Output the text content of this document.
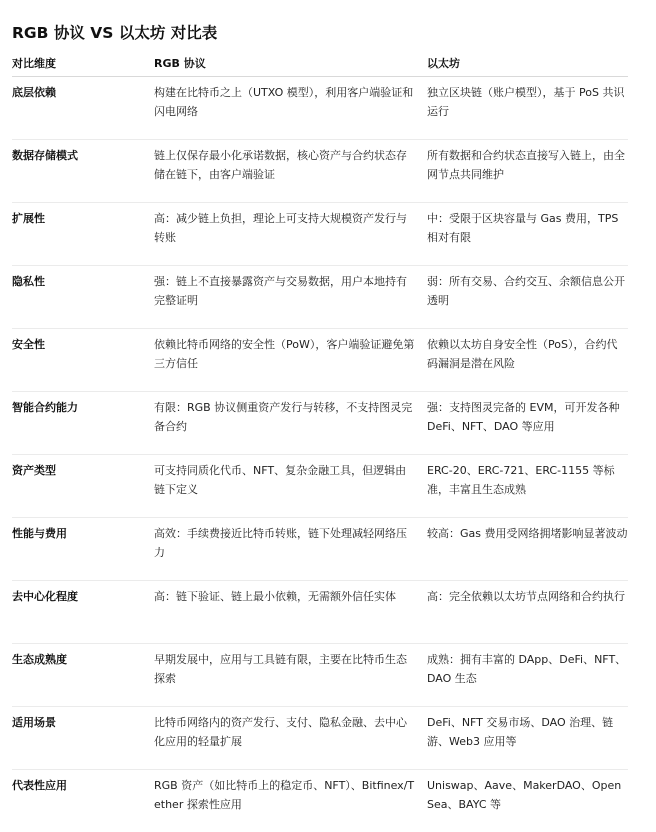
RGB 协议 VS 以太坊 对比表
对比维度	RGB 协议	以太坊
底层依赖	构建在比特币之上（UTXO 模型），利用客户端验证和闪电网络	独立区块链（账户模型），基于 PoS 共识运行
数据存储模式	链上仅保存最小化承诺数据，核心资产与合约状态存储在链下，由客户端验证	所有数据和合约状态直接写入链上，由全网节点共同维护
扩展性	高：减少链上负担，理论上可支持大规模资产发行与转账	中：受限于区块容量与 Gas 费用，TPS 相对有限
隐私性	强：链上不直接暴露资产与交易数据，用户本地持有完整证明	弱：所有交易、合约交互、余额信息公开透明
安全性	依赖比特币网络的安全性（PoW），客户端验证避免第三方信任	依赖以太坊自身安全性（PoS），合约代码漏洞是潜在风险
智能合约能力	有限：RGB 协议侧重资产发行与转移，不支持图灵完备合约	强：支持图灵完备的 EVM，可开发各种 DeFi、NFT、DAO 等应用
资产类型	可支持同质化代币、NFT、复杂金融工具，但逻辑由链下定义	ERC-20、ERC-721、ERC-1155 等标准，丰富且生态成熟
性能与费用	高效：手续费接近比特币转账，链下处理减轻网络压力	较高：Gas 费用受网络拥堵影响显著波动
去中心化程度	高：链下验证、链上最小依赖，无需额外信任实体	高：完全依赖以太坊节点网络和合约执行
生态成熟度	早期发展中，应用与工具链有限，主要在比特币生态探索	成熟：拥有丰富的 DApp、DeFi、NFT、DAO 生态
适用场景	比特币网络内的资产发行、支付、隐私金融、去中心化应用的轻量扩展	DeFi、NFT 交易市场、DAO 治理、链游、Web3 应用等
代表性应用	RGB 资产（如比特币上的稳定币、NFT）、Bitfinex/Tether 探索性应用	Uniswap、Aave、MakerDAO、OpenSea、BAYC 等
